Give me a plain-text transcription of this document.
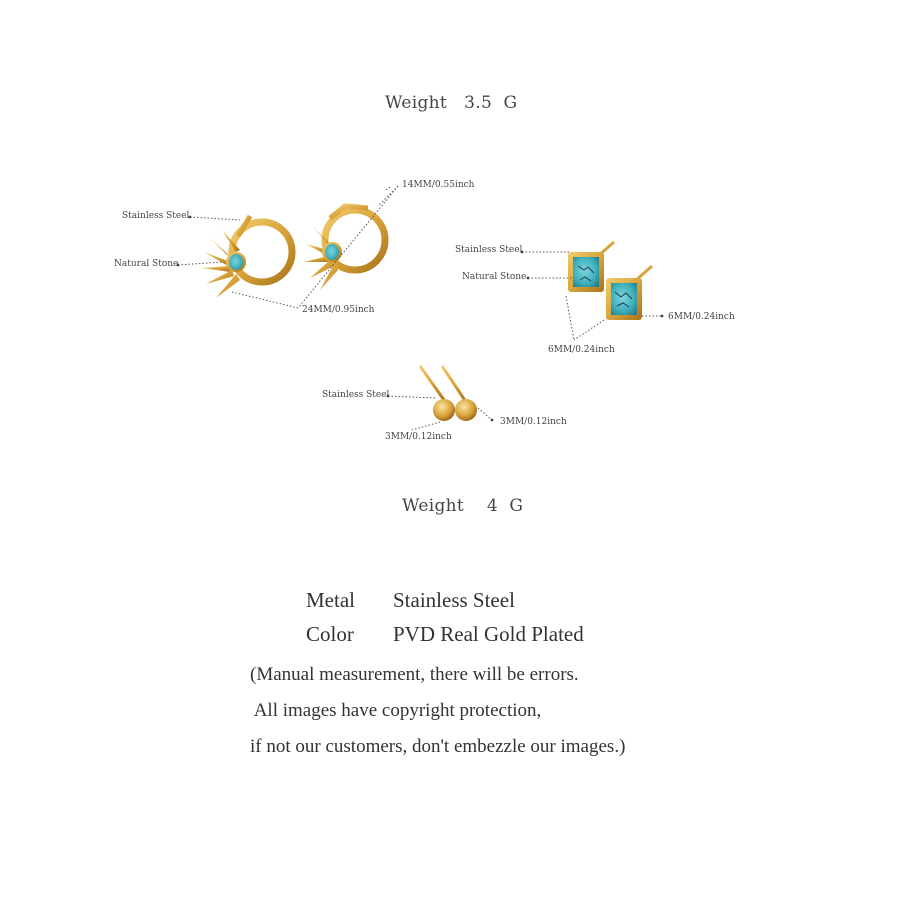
Weight   3.5  G
Stainless Steel
Natural Stone
14MM/0.55inch
24MM/0.95inch
Stainless Steel
Natural Stone
6MM/0.24inch
6MM/0.24inch
Stainless Steel
3MM/0.12inch
3MM/0.12inch
Weight    4  G
Metal Stainless Steel
Color PVD Real Gold Plated
(Manual measurement, there will be errors.
All images have copyright protection,
if not our customers, don't embezzle our images.)
